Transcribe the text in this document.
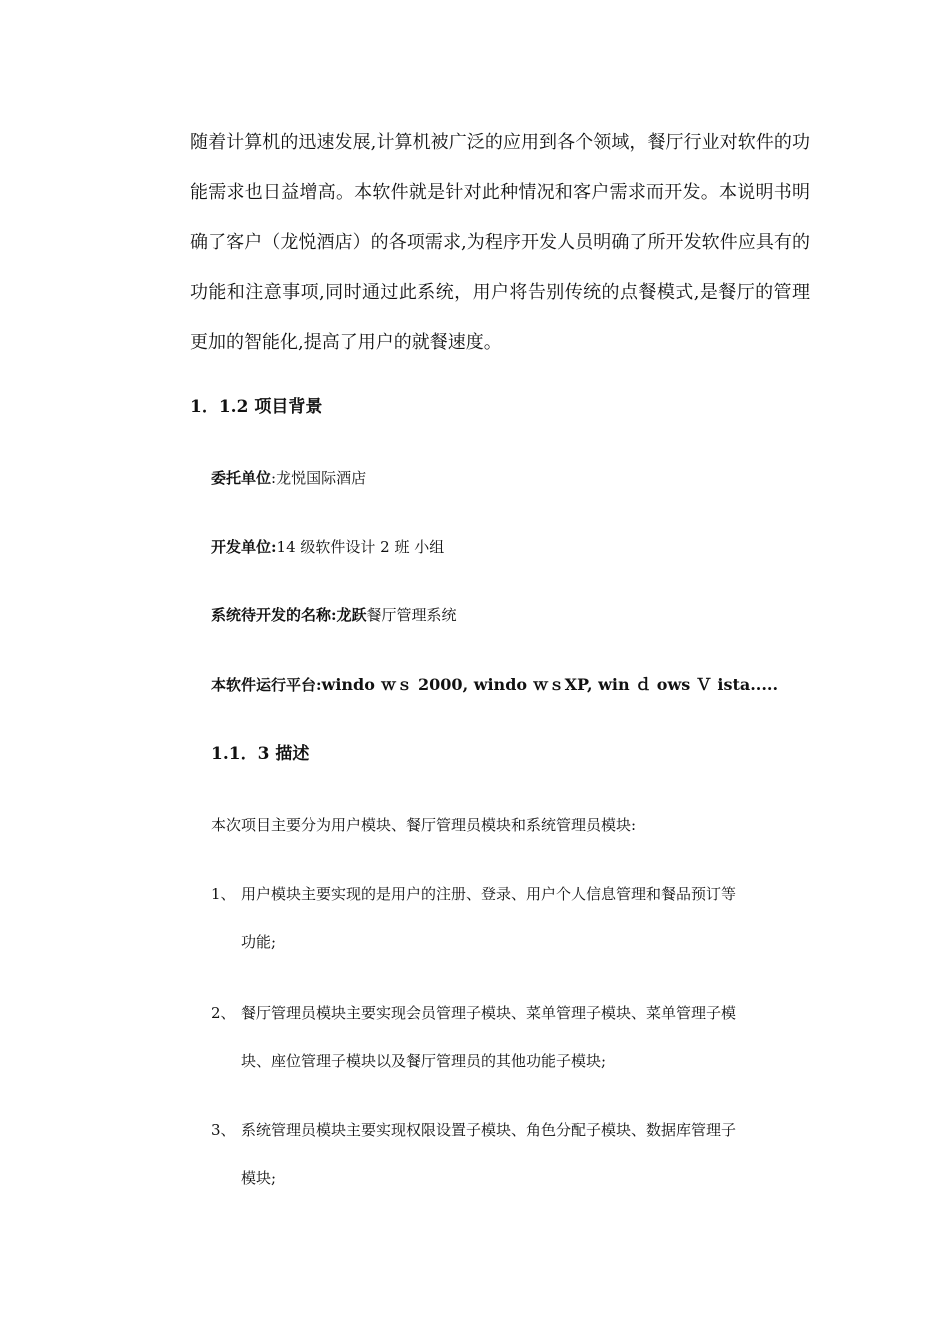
随着计算机的迅速发展,计算机被广泛的应用到各个领域，餐厅行业对软件的功能需求也日益增高。本软件就是针对此种情况和客户需求而开发。本说明书明确了客户（龙悦酒店）的各项需求,为程序开发人员明确了所开发软件应具有的功能和注意事项,同时通过此系统，用户将告别传统的点餐模式,是餐厅的管理更加的智能化,提高了用户的就餐速度。

1．1.2 项目背景

委托单位:龙悦国际酒店

开发单位:14 级软件设计 2 班 小组

系统待开发的名称:龙跃餐厅管理系统

本软件运行平台:windo ｗｓ 2000, windo ｗｓXP, win ｄ ows Ｖ ista.....

1.1．3 描述

本次项目主要分为用户模块、餐厅管理员模块和系统管理员模块:

1、 用户模块主要实现的是用户的注册、登录、用户个人信息管理和餐品预订等
功能;
2、 餐厅管理员模块主要实现会员管理子模块、菜单管理子模块、菜单管理子模
块、座位管理子模块以及餐厅管理员的其他功能子模块;
3、 系统管理员模块主要实现权限设置子模块、角色分配子模块、数据库管理子
模块;
